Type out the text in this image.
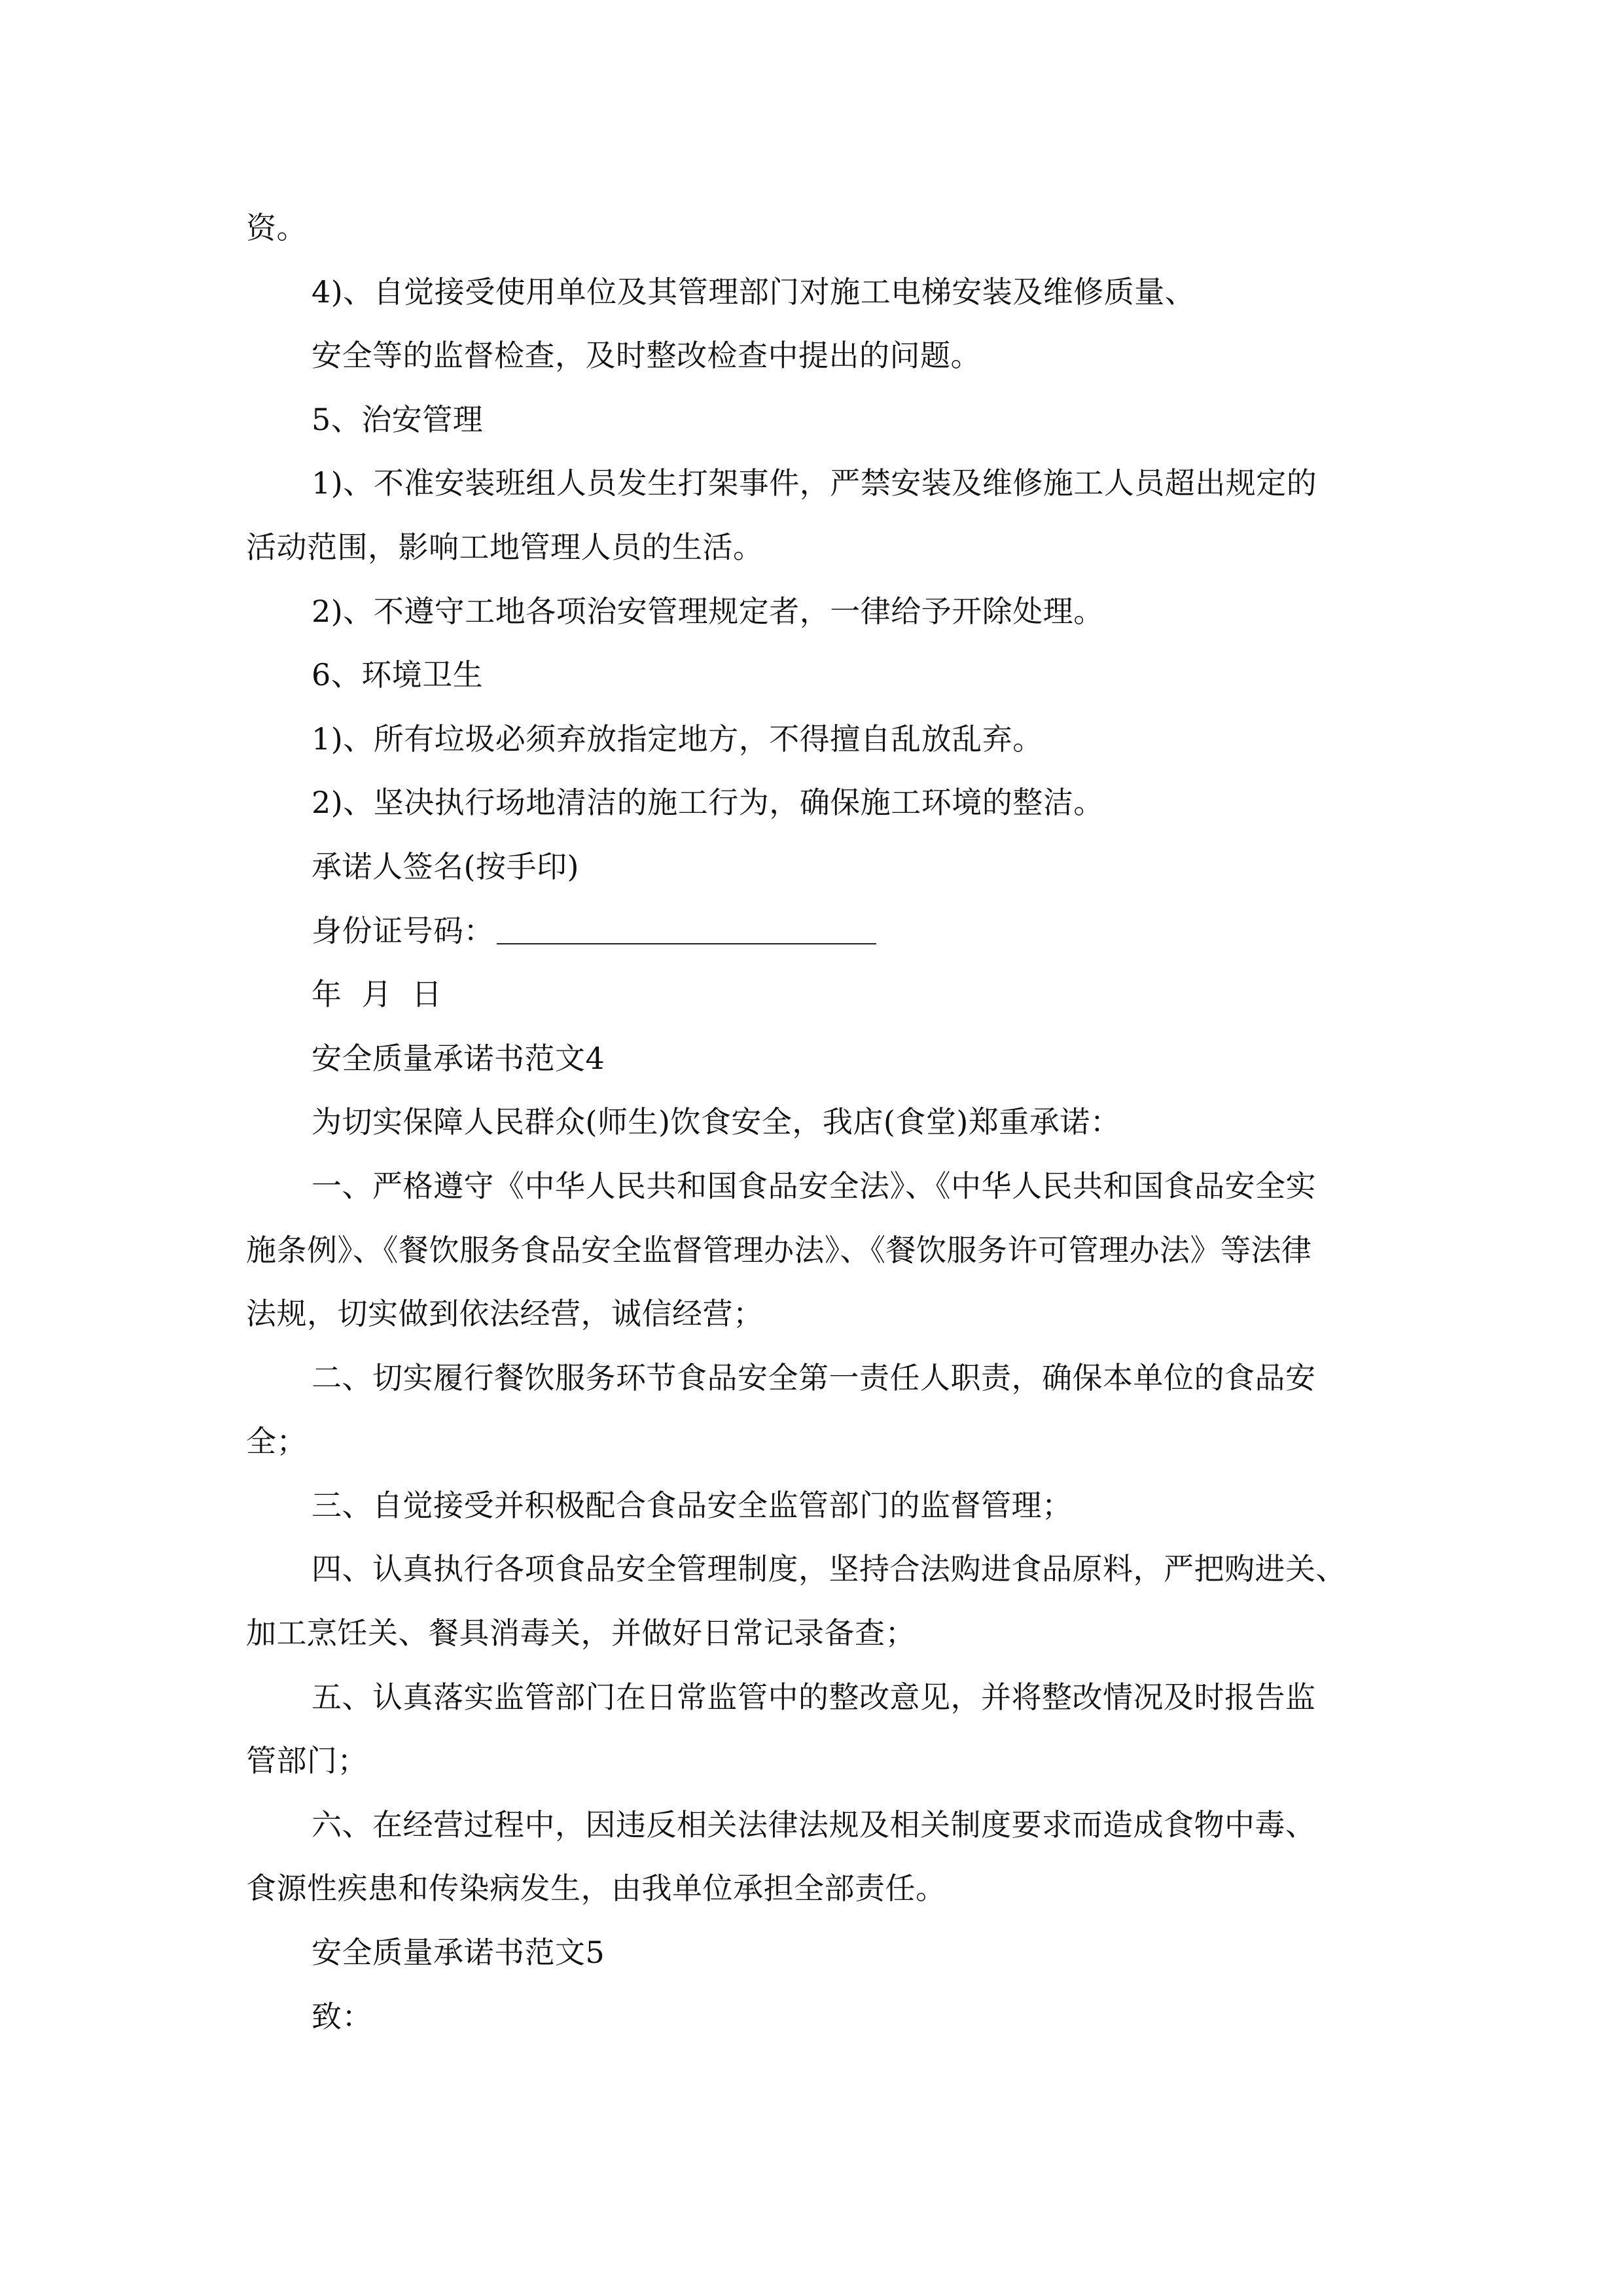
资。
4)、自觉接受使用单位及其管理部门对施工电梯安装及维修质量、
安全等的监督检查，及时整改检查中提出的问题。
5、治安管理
1)、不准安装班组人员发生打架事件，严禁安装及维修施工人员超出规定的
活动范围，影响工地管理人员的生活。
2)、不遵守工地各项治安管理规定者，一律给予开除处理。
6、环境卫生
1)、所有垃圾必须弃放指定地方，不得擅自乱放乱弃。
2)、坚决执行场地清洁的施工行为，确保施工环境的整洁。
承诺人签名(按手印)
身份证号码：
年 月 日
安全质量承诺书范文4
为切实保障人民群众(师生)饮食安全，我店(食堂)郑重承诺：
一、严格遵守《中华人民共和国食品安全法》、《中华人民共和国食品安全实
施条例》、《餐饮服务食品安全监督管理办法》、《餐饮服务许可管理办法》等法律
法规，切实做到依法经营，诚信经营；
二、切实履行餐饮服务环节食品安全第一责任人职责，确保本单位的食品安
全；
三、自觉接受并积极配合食品安全监管部门的监督管理；
四、认真执行各项食品安全管理制度，坚持合法购进食品原料，严把购进关、
加工烹饪关、餐具消毒关，并做好日常记录备查；
五、认真落实监管部门在日常监管中的整改意见，并将整改情况及时报告监
管部门；
六、在经营过程中，因违反相关法律法规及相关制度要求而造成食物中毒、
食源性疾患和传染病发生，由我单位承担全部责任。
安全质量承诺书范文5
致：
